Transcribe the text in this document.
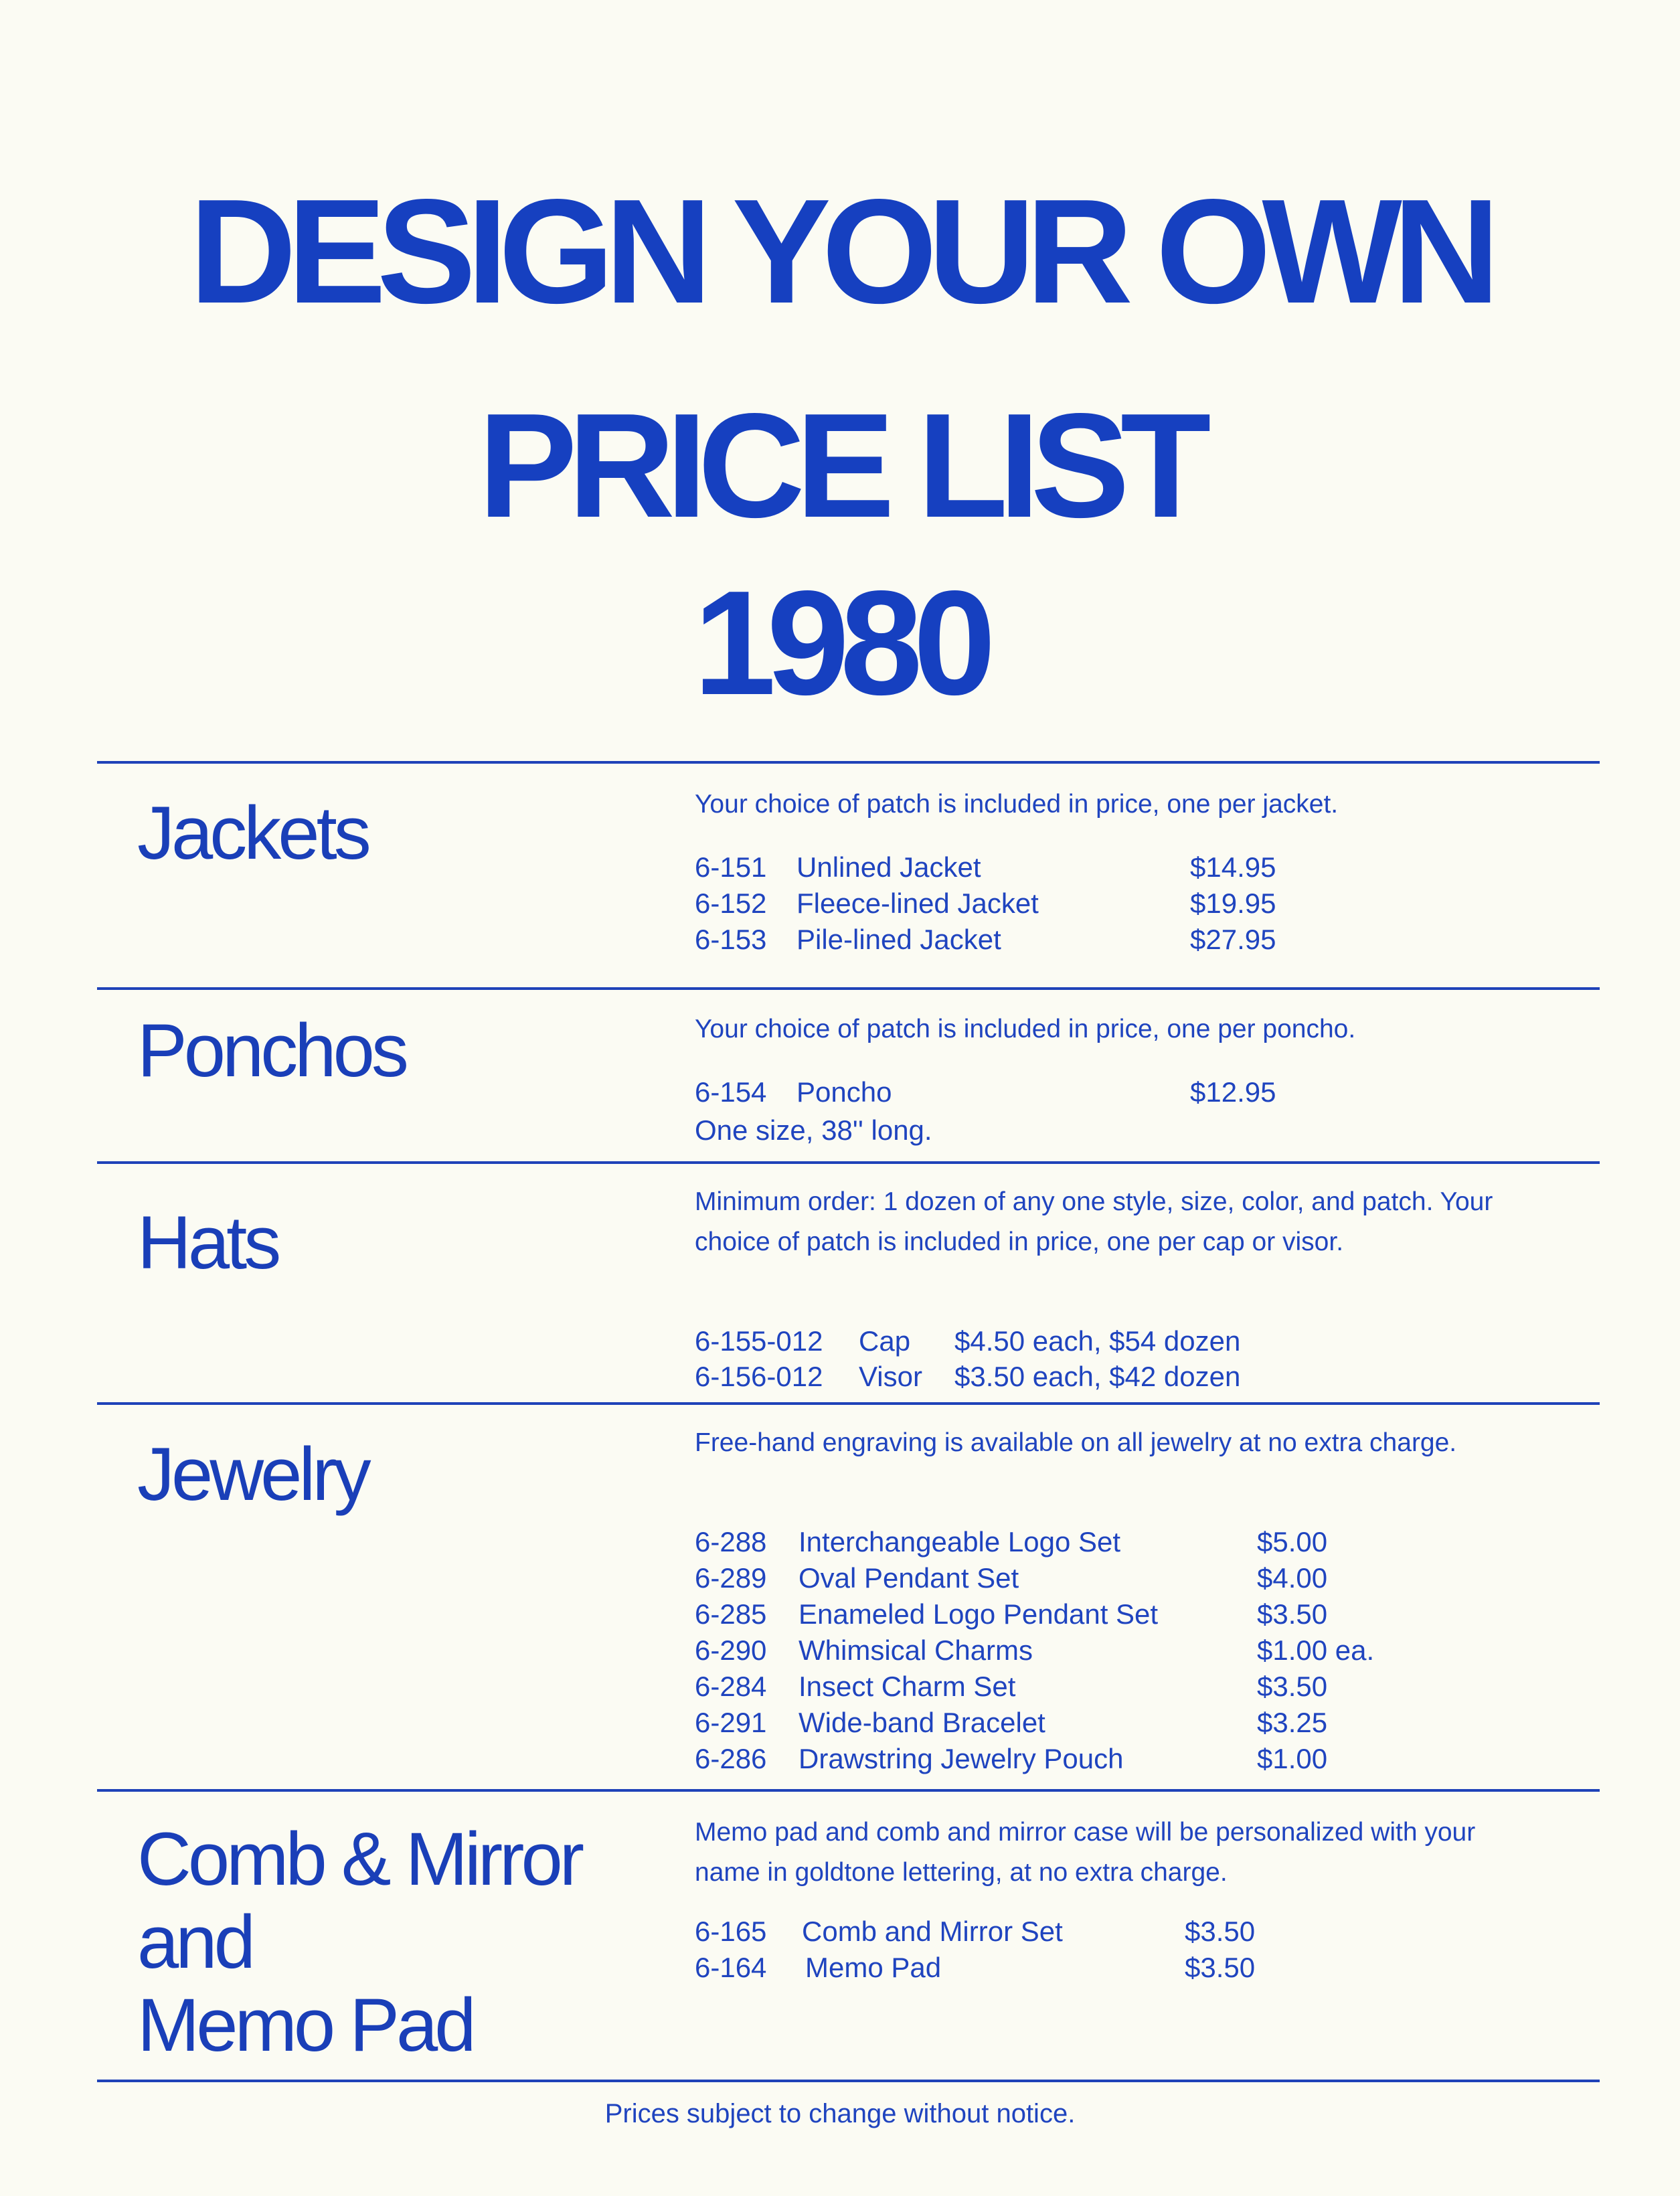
DESIGN YOUR OWN
PRICE LIST
1980
Jackets	Your choice of patch is included in price, one per jacket.
6-151 Unlined Jacket	$14.95
6-152 Fleece-lined Jacket	$19.95
6-153 Pile-lined Jacket	$27.95
Ponchos	Your choice of patch is included in price, one per poncho.
6-154 Poncho	$12.95
One size, 38'' long.
Hats	Minimum order: 1 dozen of any one style, size, color, and patch. Your choice of patch is included in price, one per cap or visor.
6-155-012 Cap $4.50 each, $54 dozen
6-156-012 Visor $3.50 each, $42 dozen
Jewelry	Free-hand engraving is available on all jewelry at no extra charge.
6-288 Interchangeable Logo Set	$5.00
6-289 Oval Pendant Set	$4.00
6-285 Enameled Logo Pendant Set	$3.50
6-290 Whimsical Charms	$1.00 ea.
6-284 Insect Charm Set	$3.50
6-291 Wide-band Bracelet	$3.25
6-286 Drawstring Jewelry Pouch	$1.00
Comb & Mirror
and
Memo Pad
Memo pad and comb and mirror case will be personalized with your name in goldtone lettering, at no extra charge.
6-165 Comb and Mirror Set	$3.50
6-164 Memo Pad	$3.50
Prices subject to change without notice.
